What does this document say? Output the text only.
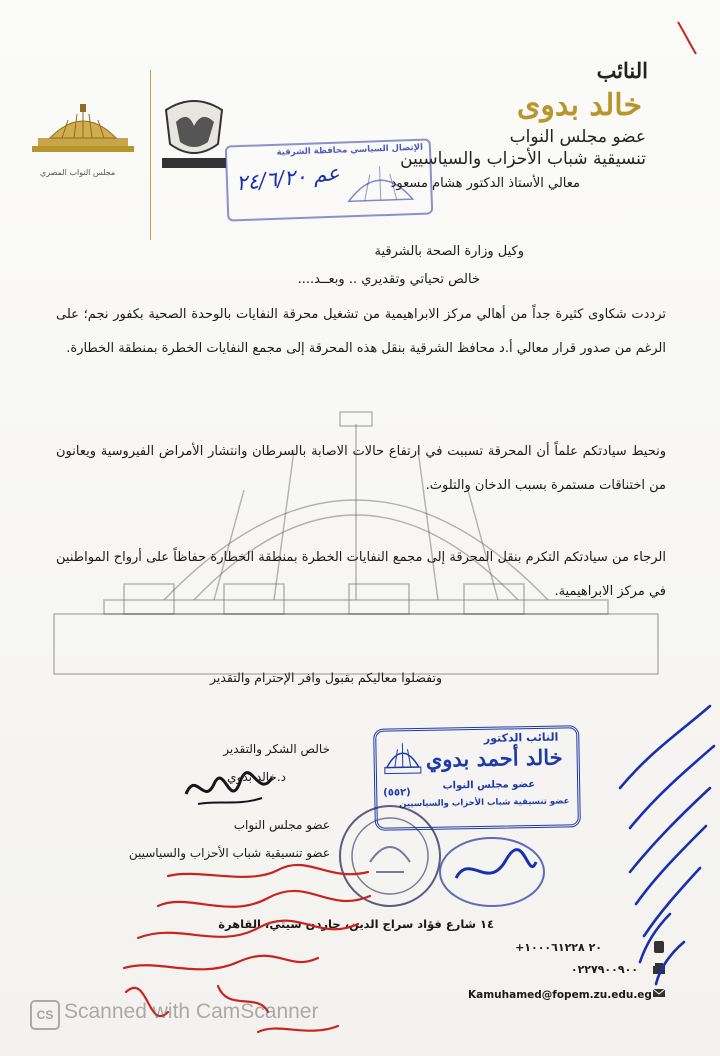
مجلس النواب المصري
النائب
خالد بدوى
عضو مجلس النواب
تنسيقية شباب الأحزاب والسياسيين
الإتصال السياسي محافظة الشرقية
عم ٢٤/٦/٢٠	معالي الأستاذ الدكتور هشام مسعود
وكيل وزارة الصحة بالشرقية
خالص تحياتي وتقديري .. وبعــد....
ترددت شكاوى كثيرة جداً من أهالي مركز الابراهيمية من تشغيل محرقة النفايات بالوحدة الصحية بكفور نجم؛ على الرغم من صدور قرار معالي أ.د محافظ الشرقية بنقل هذه المحرقة إلى مجمع النفايات الخطرة بمنطقة الخطارة.
ونحيط سيادتكم علماً أن المحرقة تسببت في ارتفاع حالات الاصابة بالسرطان وانتشار الأمراض الفيروسية ويعانون من اختناقات مستمرة بسبب الدخان والتلوث.
الرجاء من سيادتكم التكرم بنقل المحرقة إلى مجمع النفايات الخطرة بمنطقة الخطارة حفاظاً على أرواح المواطنين في مركز الابراهيمية.
وتفضلوا معاليكم بقبول وافر الإحترام والتقدير
خالص الشكر والتقدير
د.خالد بدوي
عضو مجلس النواب
عضو تنسيقية شباب الأحزاب والسياسيين
النائب الدكتور
خالد أحمد بدوي
عضو مجلس النواب
عضو تنسيقية شباب الأحزاب والسياسيين
(٥٥٢)
١٤ شارع فؤاد سراج الدين، جاردن سيتي، القاهرة
+٢٠ ١٠٠٠٦١٢٢٨
٠٢٢٧٩٠٠٩٠٠
Kamuhamed@fopem.zu.edu.eg
CS Scanned with CamScanner
